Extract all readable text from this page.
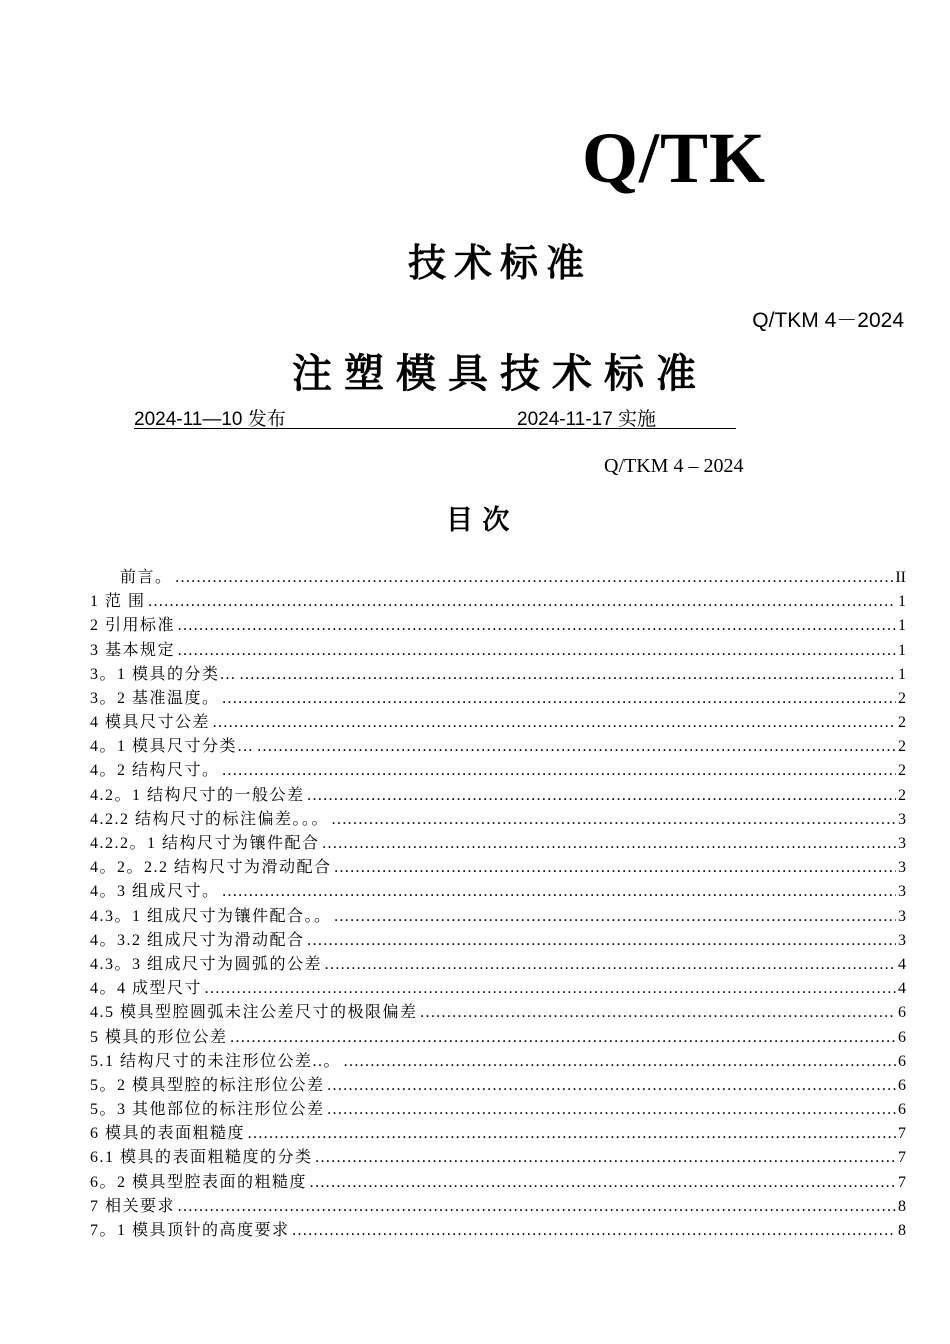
Q/TK
技术标准
Q/TKM 4－2024
注塑模具技术标准
2024-11—10 发布	2024-11-17 实施
Q/TKM 4 – 2024
目 次
前言。 …………………………………………………………………………………………………………………………………………………………………………………………………………………………………………	II
1 范 围 …………………………………………………………………………………………………………………………………………………………………………………………………………………………………………	1
2 引用标准 …………………………………………………………………………………………………………………………………………………………………………………………………………………………………………	1
3 基本规定 …………………………………………………………………………………………………………………………………………………………………………………………………………………………………………	1
3。1 模具的分类… …………………………………………………………………………………………………………………………………………………………………………………………………………………………………………	1
3。2 基准温度。 …………………………………………………………………………………………………………………………………………………………………………………………………………………………………………	2
4 模具尺寸公差 …………………………………………………………………………………………………………………………………………………………………………………………………………………………………………	2
4。1 模具尺寸分类… …………………………………………………………………………………………………………………………………………………………………………………………………………………………………………	2
4。2 结构尺寸。 …………………………………………………………………………………………………………………………………………………………………………………………………………………………………………	2
4.2。1 结构尺寸的一般公差 …………………………………………………………………………………………………………………………………………………………………………………………………………………………………………	2
4.2.2 结构尺寸的标注偏差。。。 …………………………………………………………………………………………………………………………………………………………………………………………………………………………………………	3
4.2.2。1 结构尺寸为镶件配合 …………………………………………………………………………………………………………………………………………………………………………………………………………………………………………	3
4。2。2.2 结构尺寸为滑动配合 …………………………………………………………………………………………………………………………………………………………………………………………………………………………………………	3
4。3 组成尺寸。 …………………………………………………………………………………………………………………………………………………………………………………………………………………………………………	3
4.3。1 组成尺寸为镶件配合。。 …………………………………………………………………………………………………………………………………………………………………………………………………………………………………………	3
4。3.2 组成尺寸为滑动配合 …………………………………………………………………………………………………………………………………………………………………………………………………………………………………………	3
4.3。3 组成尺寸为圆弧的公差 …………………………………………………………………………………………………………………………………………………………………………………………………………………………………………	4
4。4 成型尺寸 …………………………………………………………………………………………………………………………………………………………………………………………………………………………………………	4
4.5 模具型腔圆弧未注公差尺寸的极限偏差 …………………………………………………………………………………………………………………………………………………………………………………………………………………………………………	6
5 模具的形位公差 …………………………………………………………………………………………………………………………………………………………………………………………………………………………………………	6
5.1 结构尺寸的未注形位公差..。 …………………………………………………………………………………………………………………………………………………………………………………………………………………………………………	6
5。2 模具型腔的标注形位公差 …………………………………………………………………………………………………………………………………………………………………………………………………………………………………………	6
5。3 其他部位的标注形位公差 …………………………………………………………………………………………………………………………………………………………………………………………………………………………………………	6
6 模具的表面粗糙度 …………………………………………………………………………………………………………………………………………………………………………………………………………………………………………	7
6.1 模具的表面粗糙度的分类 …………………………………………………………………………………………………………………………………………………………………………………………………………………………………………	7
6。2 模具型腔表面的粗糙度 …………………………………………………………………………………………………………………………………………………………………………………………………………………………………………	7
7 相关要求 …………………………………………………………………………………………………………………………………………………………………………………………………………………………………………	8
7。1 模具顶针的高度要求 …………………………………………………………………………………………………………………………………………………………………………………………………………………………………………	8
